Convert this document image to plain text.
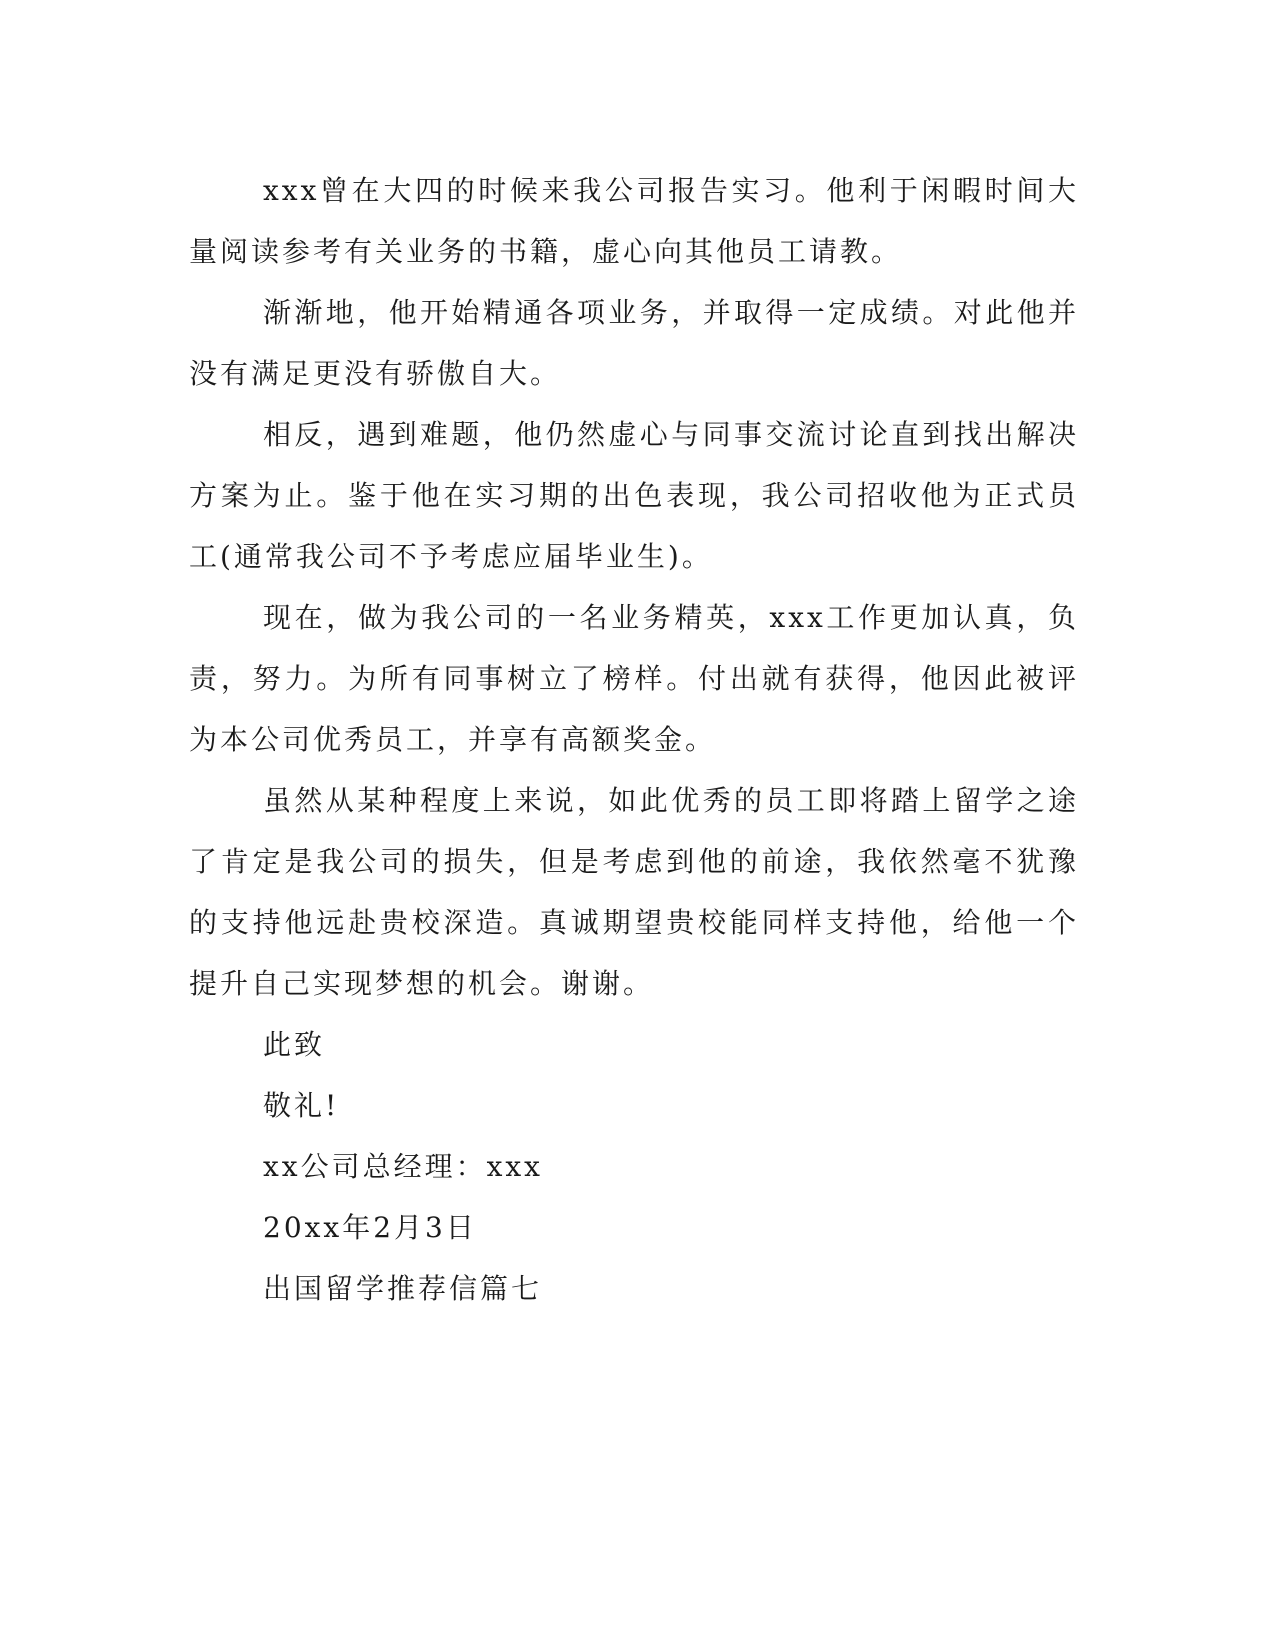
xxx曾在大四的时候来我公司报告实习。他利于闲暇时间大量阅读参考有关业务的书籍，虚心向其他员工请教。

渐渐地，他开始精通各项业务，并取得一定成绩。对此他并没有满足更没有骄傲自大。

相反，遇到难题，他仍然虚心与同事交流讨论直到找出解决方案为止。鉴于他在实习期的出色表现，我公司招收他为正式员工(通常我公司不予考虑应届毕业生)。

现在，做为我公司的一名业务精英，xxx工作更加认真，负责，努力。为所有同事树立了榜样。付出就有获得，他因此被评为本公司优秀员工，并享有高额奖金。

虽然从某种程度上来说，如此优秀的员工即将踏上留学之途了肯定是我公司的损失，但是考虑到他的前途，我依然毫不犹豫的支持他远赴贵校深造。真诚期望贵校能同样支持他，给他一个提升自己实现梦想的机会。谢谢。

此致

敬礼!

xx公司总经理：xxx

20xx年2月3日

出国留学推荐信篇七
